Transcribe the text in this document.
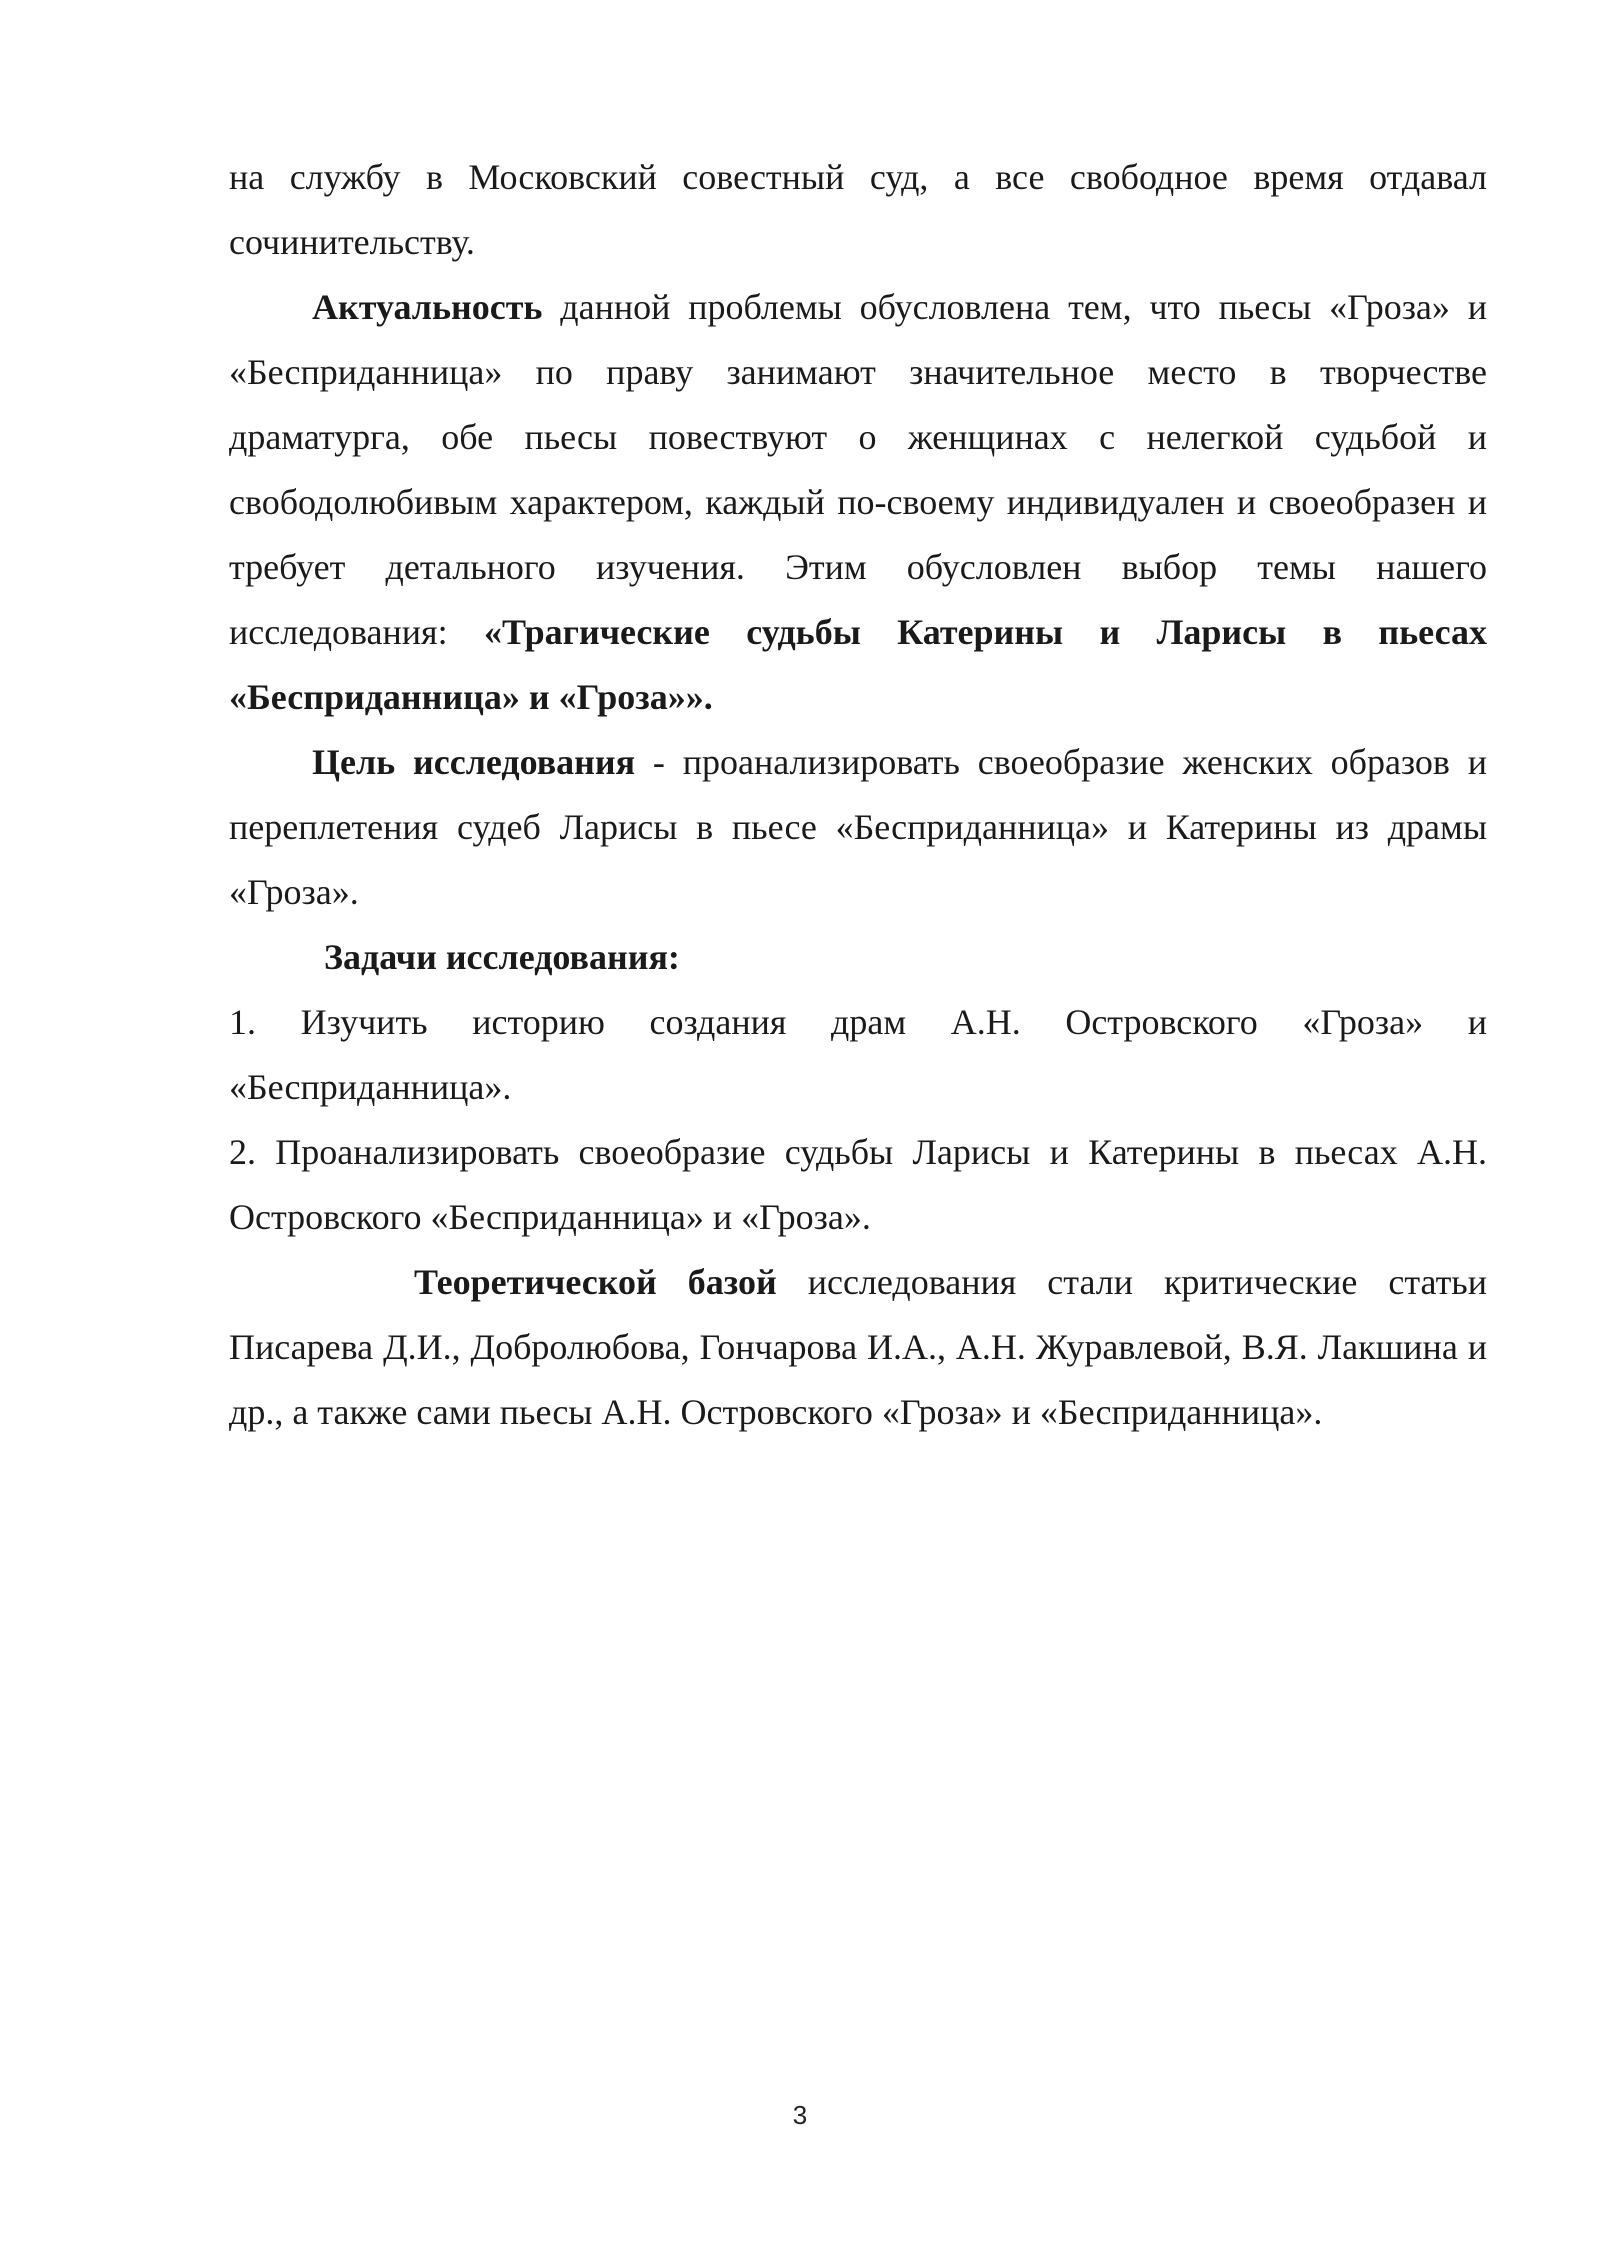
на службу в Московский совестный суд, а все свободное время отдавал сочинительству.

Актуальность данной проблемы обусловлена тем, что пьесы «Гроза» и «Бесприданница» по праву занимают значительное место в творчестве драматурга, обе пьесы повествуют о женщинах с нелегкой судьбой и свободолюбивым характером, каждый по-своему индивидуален и своеобразен и требует детального изучения. Этим обусловлен выбор темы нашего исследования: «Трагические судьбы Катерины и Ларисы в пьесах «Бесприданница» и «Гроза»».

Цель исследования - проанализировать своеобразие женских образов и переплетения судеб Ларисы в пьесе «Бесприданница» и Катерины из драмы «Гроза».

Задачи исследования:

1. Изучить историю создания драм А.Н. Островского «Гроза» и «Бесприданница».

2. Проанализировать своеобразие судьбы Ларисы и Катерины в пьесах А.Н. Островского «Бесприданница» и «Гроза».

Теоретической базой исследования стали критические статьи Писарева Д.И., Добролюбова, Гончарова И.А., А.Н. Журавлевой, В.Я. Лакшина и др., а также сами пьесы А.Н. Островского «Гроза» и «Бесприданница».

3
